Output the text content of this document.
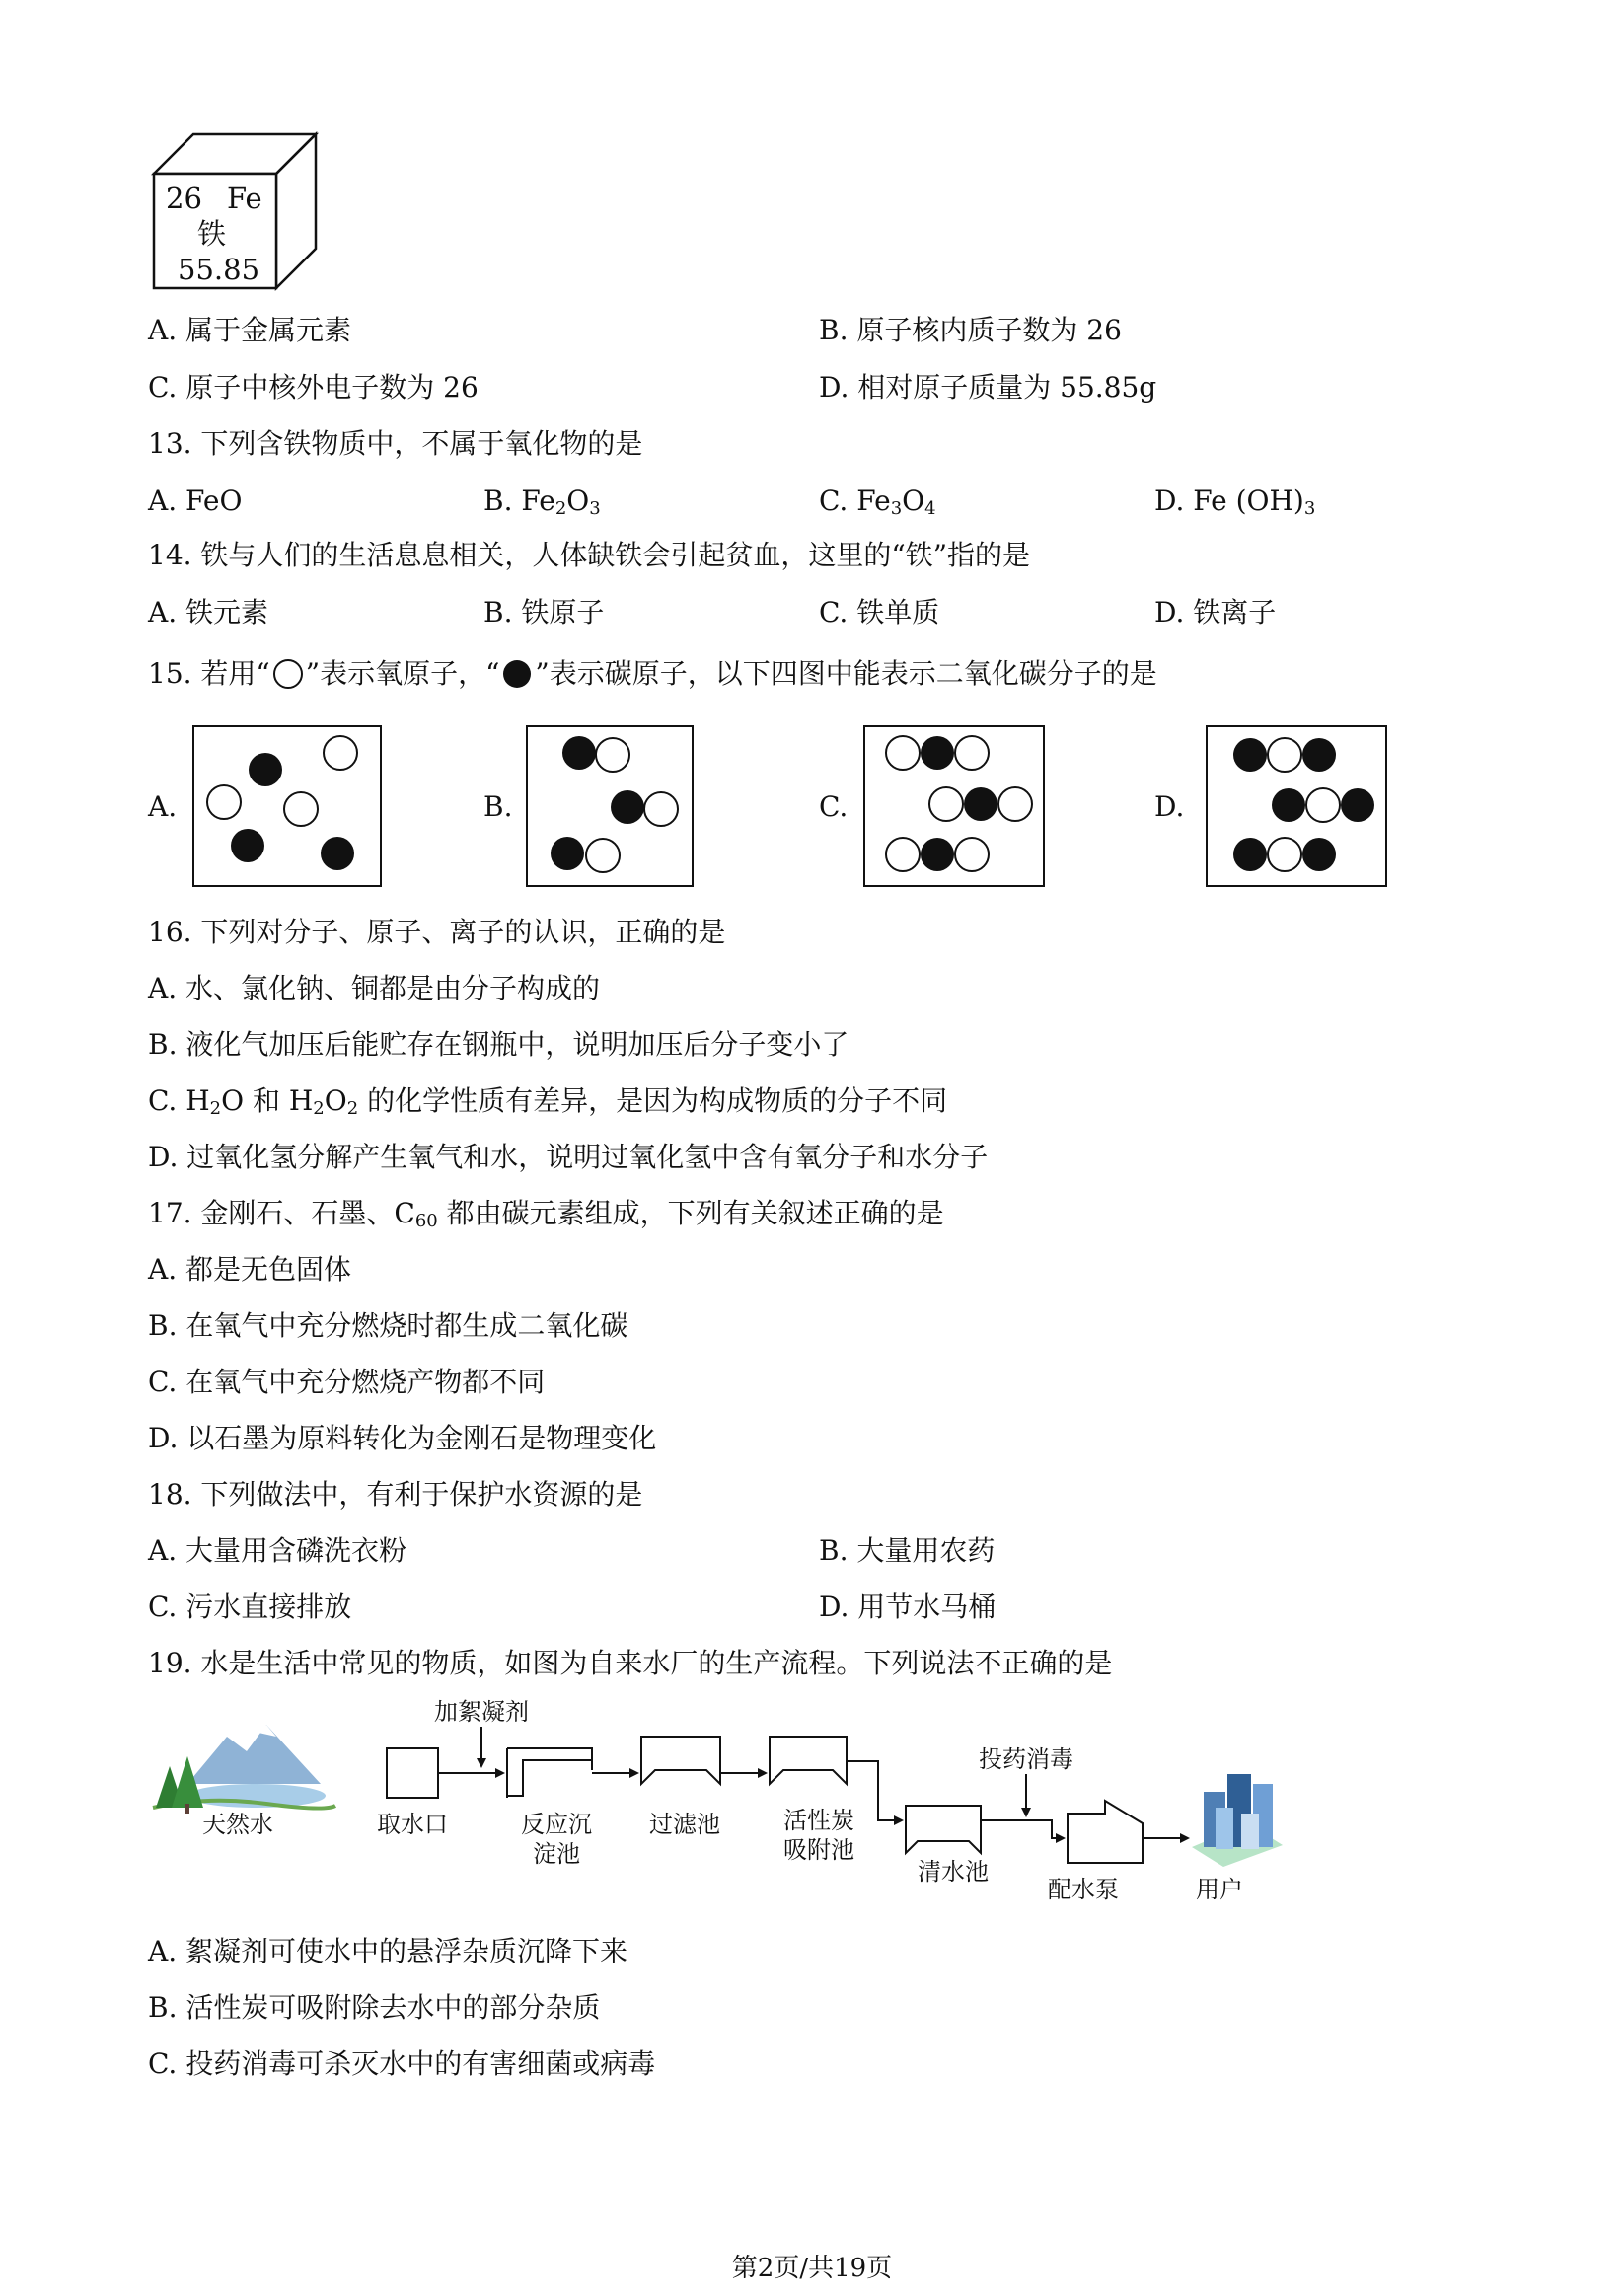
26 Fe
铁
55.85
A. 属于金属元素	B. 原子核内质子数为 26
C. 原子中核外电子数为 26	D. 相对原子质量为 55.85g
13. 下列含铁物质中，不属于氧化物的是
A. FeO	B. $Fe_2O_3$	C. $Fe_3O_4$	D. Fe $(OH)_3$
14. 铁与人们的生活息息相关，人体缺铁会引起贫血，这里的“铁”指的是
A. 铁元素	B. 铁原子	C. 铁单质	D. 铁离子
15. 若用“ ”表示氧原子，“ ”表示碳原子，以下四图中能表示二氧化碳分子的是
A.	B.	C.	D.
16. 下列对分子、原子、离子的认识，正确的是
A. 水、氯化钠、铜都是由分子构成的
B. 液化气加压后能贮存在钢瓶中，说明加压后分子变小了
C. $H_2O$ 和 $H_2O_2$ 的化学性质有差异，是因为构成物质的分子不同
D. 过氧化氢分解产生氧气和水，说明过氧化氢中含有氧分子和水分子
17. 金刚石、石墨、$C_{60}$ 都由碳元素组成，下列有关叙述正确的是
A. 都是无色固体
B. 在氧气中充分燃烧时都生成二氧化碳
C. 在氧气中充分燃烧产物都不同
D. 以石墨为原料转化为金刚石是物理变化
18. 下列做法中，有利于保护水资源的是
A. 大量用含磷洗衣粉	B. 大量用农药
C. 污水直接排放	D. 用节水马桶
19. 水是生活中常见的物质，如图为自来水厂的生产流程。下列说法不正确的是
天然水
加絮凝剂
取水口	反应沉
淀池
过滤池	活性炭
吸附池
投药消毒
清水池
配水泵	用户
A. 絮凝剂可使水中的悬浮杂质沉降下来
B. 活性炭可吸附除去水中的部分杂质
C. 投药消毒可杀灭水中的有害细菌或病毒
第2页/共19页
